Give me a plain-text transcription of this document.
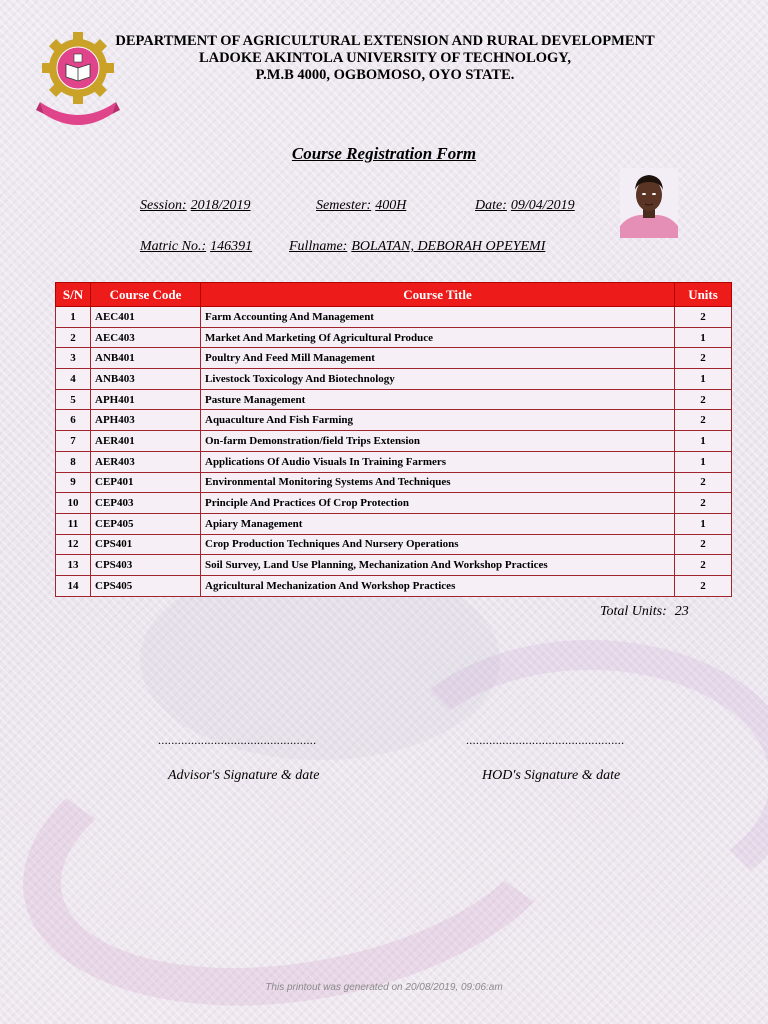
DEPARTMENT OF AGRICULTURAL EXTENSION AND RURAL DEVELOPMENT
LADOKE AKINTOLA UNIVERSITY OF TECHNOLOGY,
P.M.B 4000, OGBOMOSO, OYO STATE.
Course Registration Form
Session: 2018/2019	Semester: 400H	Date: 09/04/2019
Matric No.: 146391	Fullname: BOLATAN, DEBORAH OPEYEMI
S/N	Course Code	Course Title	Units
1	AEC401	Farm Accounting And Management	2
2	AEC403	Market And Marketing Of Agricultural Produce	1
3	ANB401	Poultry And Feed Mill Management	2
4	ANB403	Livestock Toxicology And Biotechnology	1
5	APH401	Pasture Management	2
6	APH403	Aquaculture And Fish Farming	2
7	AER401	On-farm Demonstration/field Trips Extension	1
8	AER403	Applications Of Audio Visuals In Training Farmers	1
9	CEP401	Environmental Monitoring Systems And Techniques	2
10	CEP403	Principle And Practices Of Crop Protection	2
11	CEP405	Apiary Management	1
12	CPS401	Crop Production Techniques And Nursery Operations	2
13	CPS403	Soil Survey, Land Use Planning, Mechanization And Workshop Practices	2
14	CPS405	Agricultural Mechanization And Workshop Practices	2
Total Units: 23
................................................	................................................
Advisor's Signature & date	HOD's Signature & date
This printout was generated on 20/08/2019, 09:06:am
